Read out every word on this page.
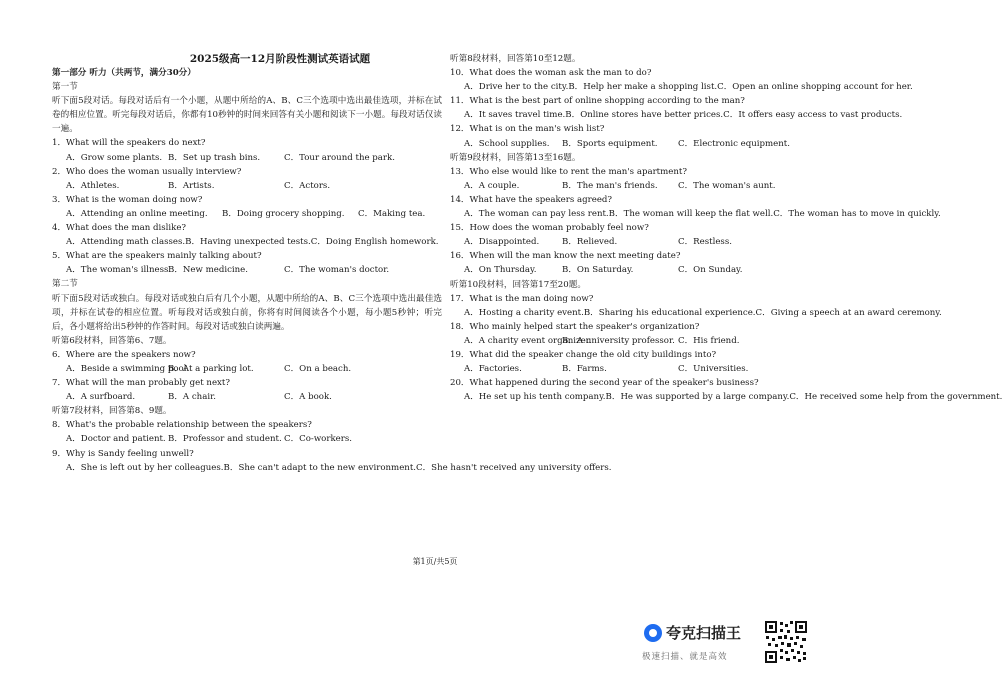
2025级高一12月阶段性测试英语试题
第一部分 听力（共两节，满分30分）
第一节
听下面5段对话。每段对话后有一个小题，从题中所给的A、B、C三个选项中选出最佳选项，并标在试卷的相应位置。听完每段对话后，你都有10秒钟的时间来回答有关小题和阅读下一小题。每段对话仅读一遍。
1．What will the speakers do next?
A．Grow some plants. B．Set up trash bins.	C．Tour around the park.
2．Who does the woman usually interview?
A．Athletes.	B．Artists.	C．Actors.
3．What is the woman doing now?
A．Attending an online meeting.	B．Doing grocery shopping.	C．Making tea.
4．What does the man dislike?
A．Attending math classes.B．Having unexpected tests.C．Doing English homework.
5．What are the speakers mainly talking about?
A．The woman's illness.
B．New medicine.	C．The woman's doctor.
第二节
听下面5段对话或独白。每段对话或独白后有几个小题，从题中所给的A、B、C三个选项中选出最佳选项，并标在试卷的相应位置。听每段对话或独白前，你将有时间阅读各个小题，每小题5秒钟；听完后，各小题将给出5秒钟的作答时间。每段对话或独白读两遍。
听第6段材料，回答第6、7题。
6．Where are the speakers now?
A．Beside a swimming pool.
B．At a parking lot.	C．On a beach.
7．What will the man probably get next?
A．A surfboard.	B．A chair.	C．A book.
听第7段材料，回答第8、9题。
8．What's the probable relationship between the speakers?
A．Doctor and patient. B．Professor and student. C．Co-workers.
9．Why is Sandy feeling unwell?
A．She is left out by her colleagues.B．She can't adapt to the new environment.C．She hasn't received any university offers.
听第8段材料，回答第10至12题。
10．What does the woman ask the man to do?
A．Drive her to the city.B．Help her make a shopping list.C．Open an online shopping account for her.
11．What is the best part of online shopping according to the man?
A．It saves travel time.B．Online stores have better prices.C．It offers easy access to vast products.
12．What is on the man's wish list?
A．School supplies.	B．Sports equipment.	C．Electronic equipment.
听第9段材料，回答第13至16题。
13．Who else would like to rent the man's apartment?
A．A couple.	B．The man's friends.	C．The woman's aunt.
14．What have the speakers agreed?
A．The woman can pay less rent.B．The woman will keep the flat well.C．The woman has to move in quickly.
15．How does the woman probably feel now?
A．Disappointed.	B．Relieved.	C．Restless.
16．When will the man know the next meeting date?
A．On Thursday.	B．On Saturday.	C．On Sunday.
听第10段材料，回答第17至20题。
17．What is the man doing now?
A．Hosting a charity event.B．Sharing his educational experience.C．Giving a speech at an award ceremony.
18．Who mainly helped start the speaker's organization?
A．A charity event organizer.
B．A university professor. C．His friend.
19．What did the speaker change the old city buildings into?
A．Factories.	B．Farms.	C．Universities.
20．What happened during the second year of the speaker's business?
A．He set up his tenth company.B．He was supported by a large company.C．He received some help from the government.
第1页/共5页
夸克扫描王
极速扫描、就是高效
